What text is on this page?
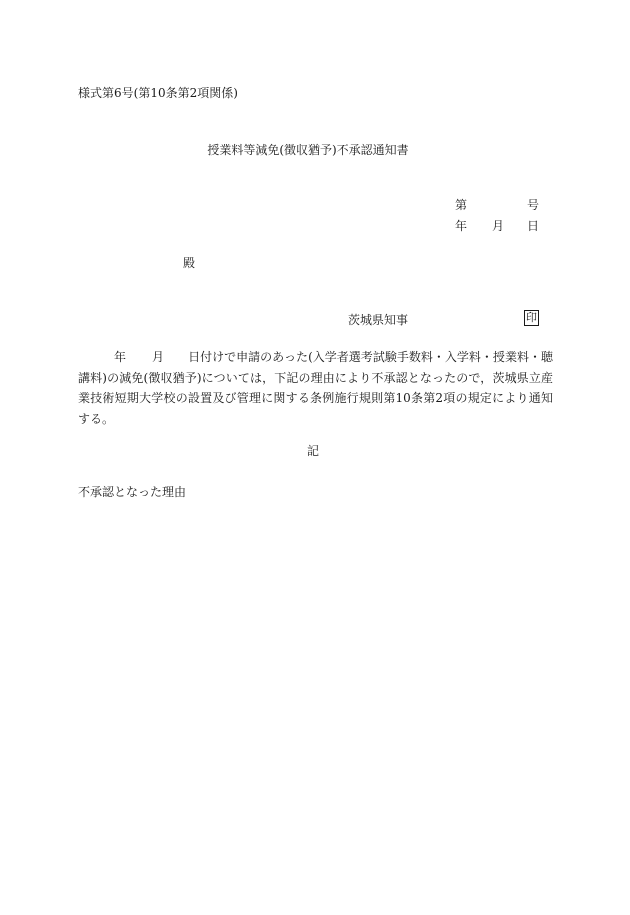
様式第6号(第10条第2項関係)
授業料等減免(徴収猶予)不承認通知書
第	号
年 月 日
殿
茨城県知事	印
年 月 日付けで申請のあった(入学者選考試験手数料・入学料・授業料・聴講料)の減免(徴収猶予)については，下記の理由により不承認となったので，茨城県立産業技術短期大学校の設置及び管理に関する条例施行規則第10条第2項の規定により通知する。
記
不承認となった理由
